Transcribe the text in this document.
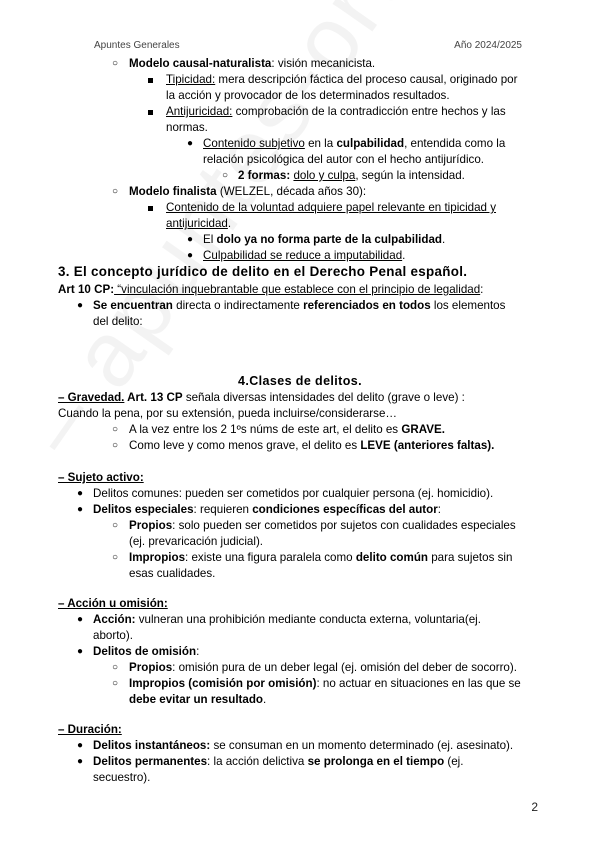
Apuntes Generales	Año 2024/2025
○ Modelo causal-naturalista: visión mecanicista.
Tipicidad: mera descripción fáctica del proceso causal, originado por
la acción y provocador de los determinados resultados.
Antijuricidad: comprobación de la contradicción entre hechos y las
normas.
● Contenido subjetivo en la culpabilidad, entendida como la
relación psicológica del autor con el hecho antijurídico.
○ 2 formas: dolo y culpa, según la intensidad.
○ Modelo finalista (WELZEL, década años 30):
Contenido de la voluntad adquiere papel relevante en tipicidad y
antijuricidad.
● El dolo ya no forma parte de la culpabilidad.
● Culpabilidad se reduce a imputabilidad.
3. El concepto jurídico de delito en el Derecho Penal español.
Art 10 CP: “vinculación inquebrantable que establece con el principio de legalidad:
● Se encuentran directa o indirectamente referenciados en todos los elementos
del delito:
4.Clases de delitos.
– Gravedad. Art. 13 CP señala diversas intensidades del delito (grave o leve) :
Cuando la pena, por su extensión, pueda incluirse/considerarse…
○ A la vez entre los 2 1ºs núms de este art, el delito es GRAVE.
○ Como leve y como menos grave, el delito es LEVE (anteriores faltas).
– Sujeto activo:
● Delitos comunes: pueden ser cometidos por cualquier persona (ej. homicidio).
● Delitos especiales: requieren condiciones específicas del autor:
○ Propios: solo pueden ser cometidos por sujetos con cualidades especiales
(ej. prevaricación judicial).
○ Impropios: existe una figura paralela como delito común para sujetos sin
esas cualidades.
– Acción u omisión:
● Acción: vulneran una prohibición mediante conducta externa, voluntaria(ej.
aborto).
● Delitos de omisión:
○ Propios: omisión pura de un deber legal (ej. omisión del deber de socorro).
○ Impropios (comisión por omisión): no actuar en situaciones en las que se
debe evitar un resultado.
– Duración:
● Delitos instantáneos: se consuman en un momento determinado (ej. asesinato).
● Delitos permanentes: la acción delictiva se prolonga en el tiempo (ej.
secuestro).
2
